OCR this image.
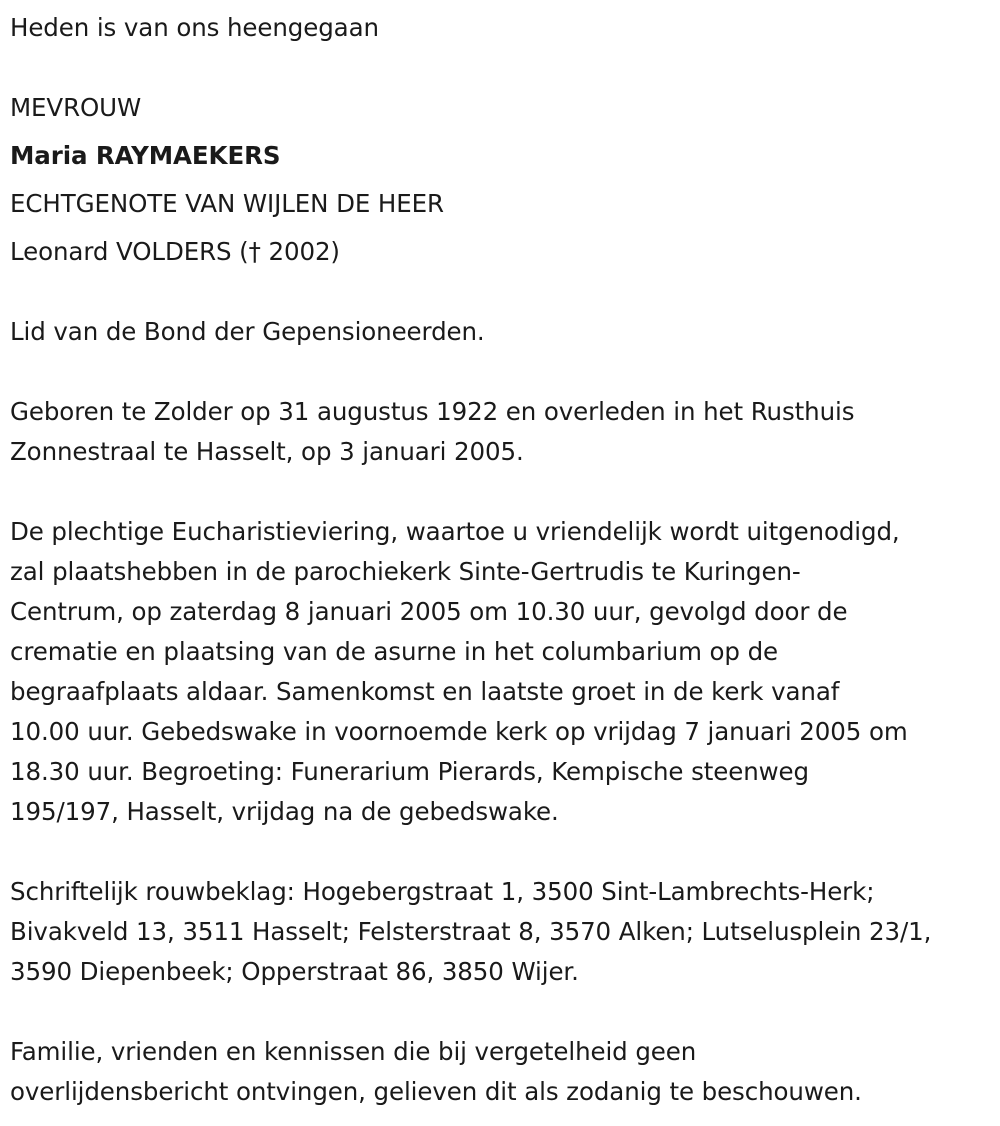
Heden is van ons heengegaan
MEVROUW
Maria RAYMAEKERS
ECHTGENOTE VAN WIJLEN DE HEER
Leonard VOLDERS († 2002)
Lid van de Bond der Gepensioneerden.
Geboren te Zolder op 31 augustus 1922 en overleden in het Rusthuis
Zonnestraal te Hasselt, op 3 januari 2005.
De plechtige Eucharistieviering, waartoe u vriendelijk wordt uitgenodigd,
zal plaatshebben in de parochiekerk Sinte-Gertrudis te Kuringen-
Centrum, op zaterdag 8 januari 2005 om 10.30 uur, gevolgd door de
crematie en plaatsing van de asurne in het columbarium op de
begraafplaats aldaar. Samenkomst en laatste groet in de kerk vanaf
10.00 uur. Gebedswake in voornoemde kerk op vrijdag 7 januari 2005 om
18.30 uur. Begroeting: Funerarium Pierards, Kempische steenweg
195/197, Hasselt, vrijdag na de gebedswake.
Schriftelijk rouwbeklag: Hogebergstraat 1, 3500 Sint-Lambrechts-Herk;
Bivakveld 13, 3511 Hasselt; Felsterstraat 8, 3570 Alken; Lutselusplein 23/1,
3590 Diepenbeek; Opperstraat 86, 3850 Wijer.
Familie, vrienden en kennissen die bij vergetelheid geen
overlijdensbericht ontvingen, gelieven dit als zodanig te beschouwen.
